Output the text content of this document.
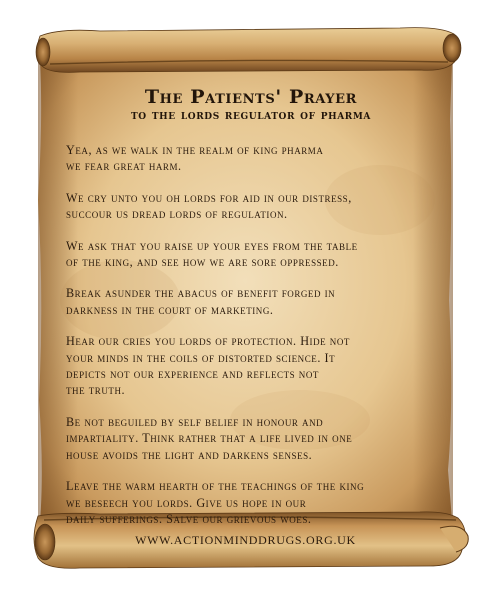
The Patients' Prayer
to the lords regulator of pharma
Yea, as we walk in the realm of king pharma
we fear great harm.
We cry unto you oh lords for aid in our distress,
succour us dread lords of regulation.
We ask that you raise up your eyes from the table
of the king, and see how we are sore oppressed.
Break asunder the abacus of benefit forged in
darkness in the court of marketing.
Hear our cries you lords of protection. Hide not
your minds in the coils of distorted science. It
depicts not our experience and reflects not
the truth.
Be not beguiled by self belief in honour and
impartiality. Think rather that a life lived in one
house avoids the light and darkens senses.
Leave the warm hearth of the teachings of the king
we beseech you lords. Give us hope in our
daily sufferings. Salve our grievous woes.
WWW.ACTIONMINDDRUGS.ORG.UK
